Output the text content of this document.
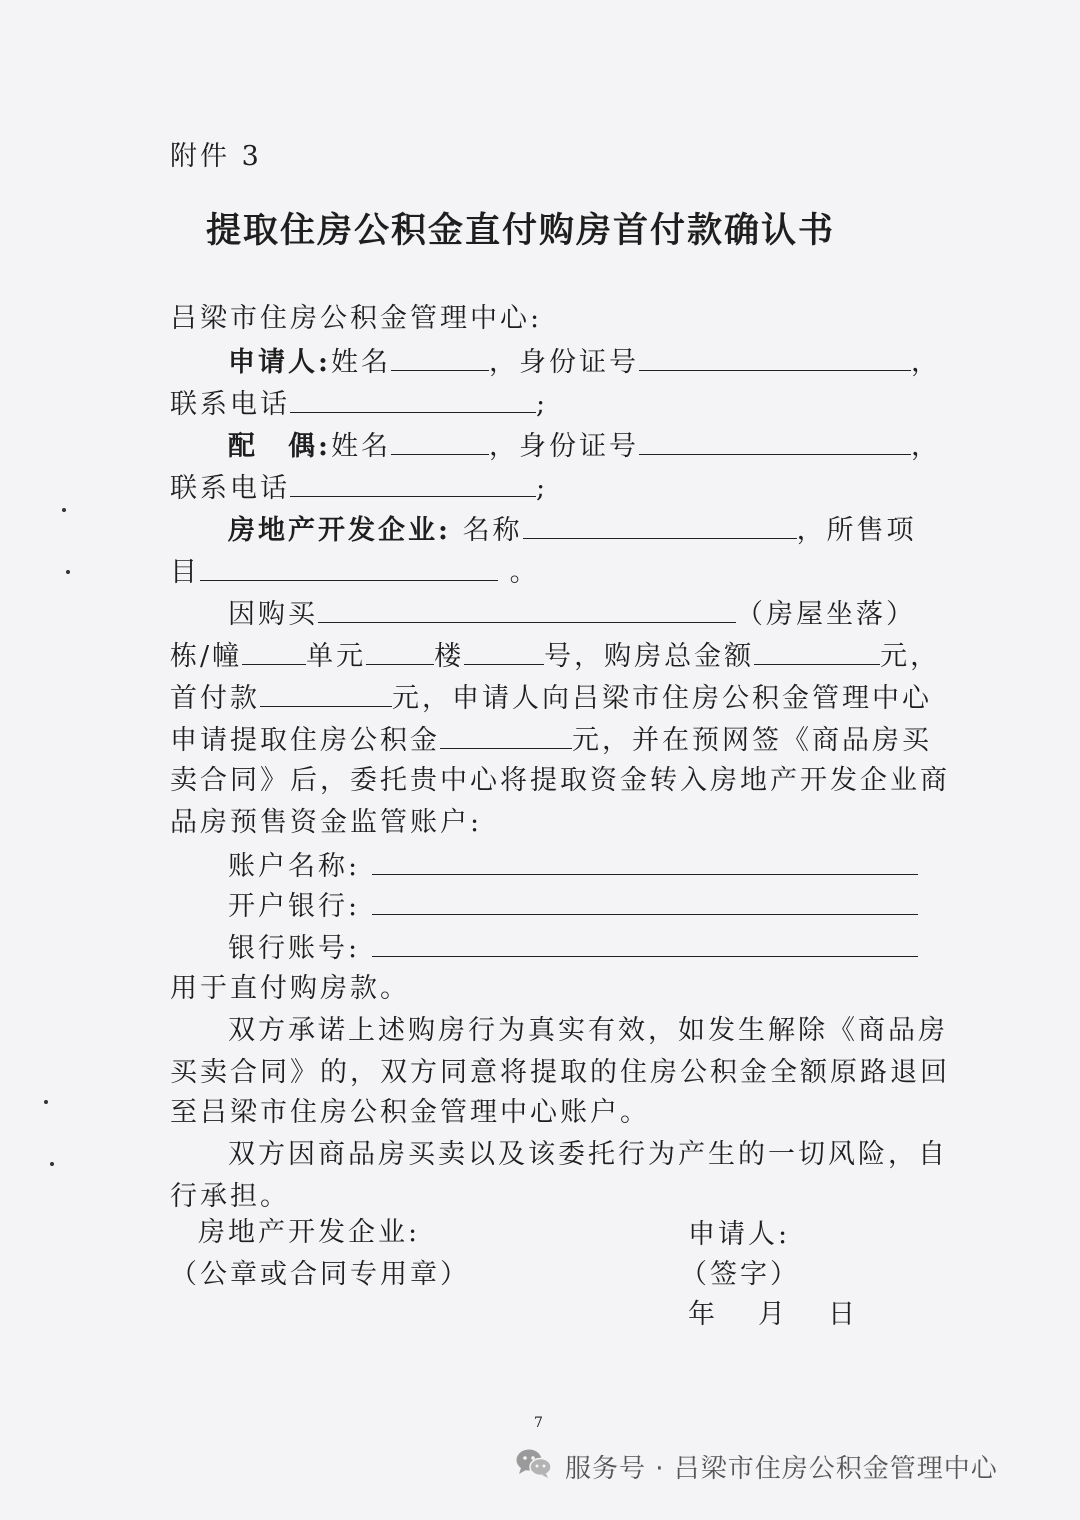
附件 3
提取住房公积金直付购房首付款确认书
吕梁市住房公积金管理中心:
申请人:姓名	，身份证号	，
联系电话	;
配　偶:姓名	，身份证号	，
联系电话	;
房地产开发企业: 名称	，所售项
目	。
因购买	（房屋坐落）
栋/幢 单元	楼	号，购房总金额	元，
首付款	元，申请人向吕梁市住房公积金管理中心
申请提取住房公积金	元，并在预网签《商品房买
卖合同》后，委托贵中心将提取资金转入房地产开发企业商
品房预售资金监管账户:
账户名称:
开户银行:
银行账号:
用于直付购房款。
双方承诺上述购房行为真实有效，如发生解除《商品房
买卖合同》的，双方同意将提取的住房公积金全额原路退回
至吕梁市住房公积金管理中心账户。
双方因商品房买卖以及该委托行为产生的一切风险，自
行承担。
房地产开发企业:
（公章或合同专用章）
申请人:
（签字）
年 月 日
7
服务号 · 吕梁市住房公积金管理中心
